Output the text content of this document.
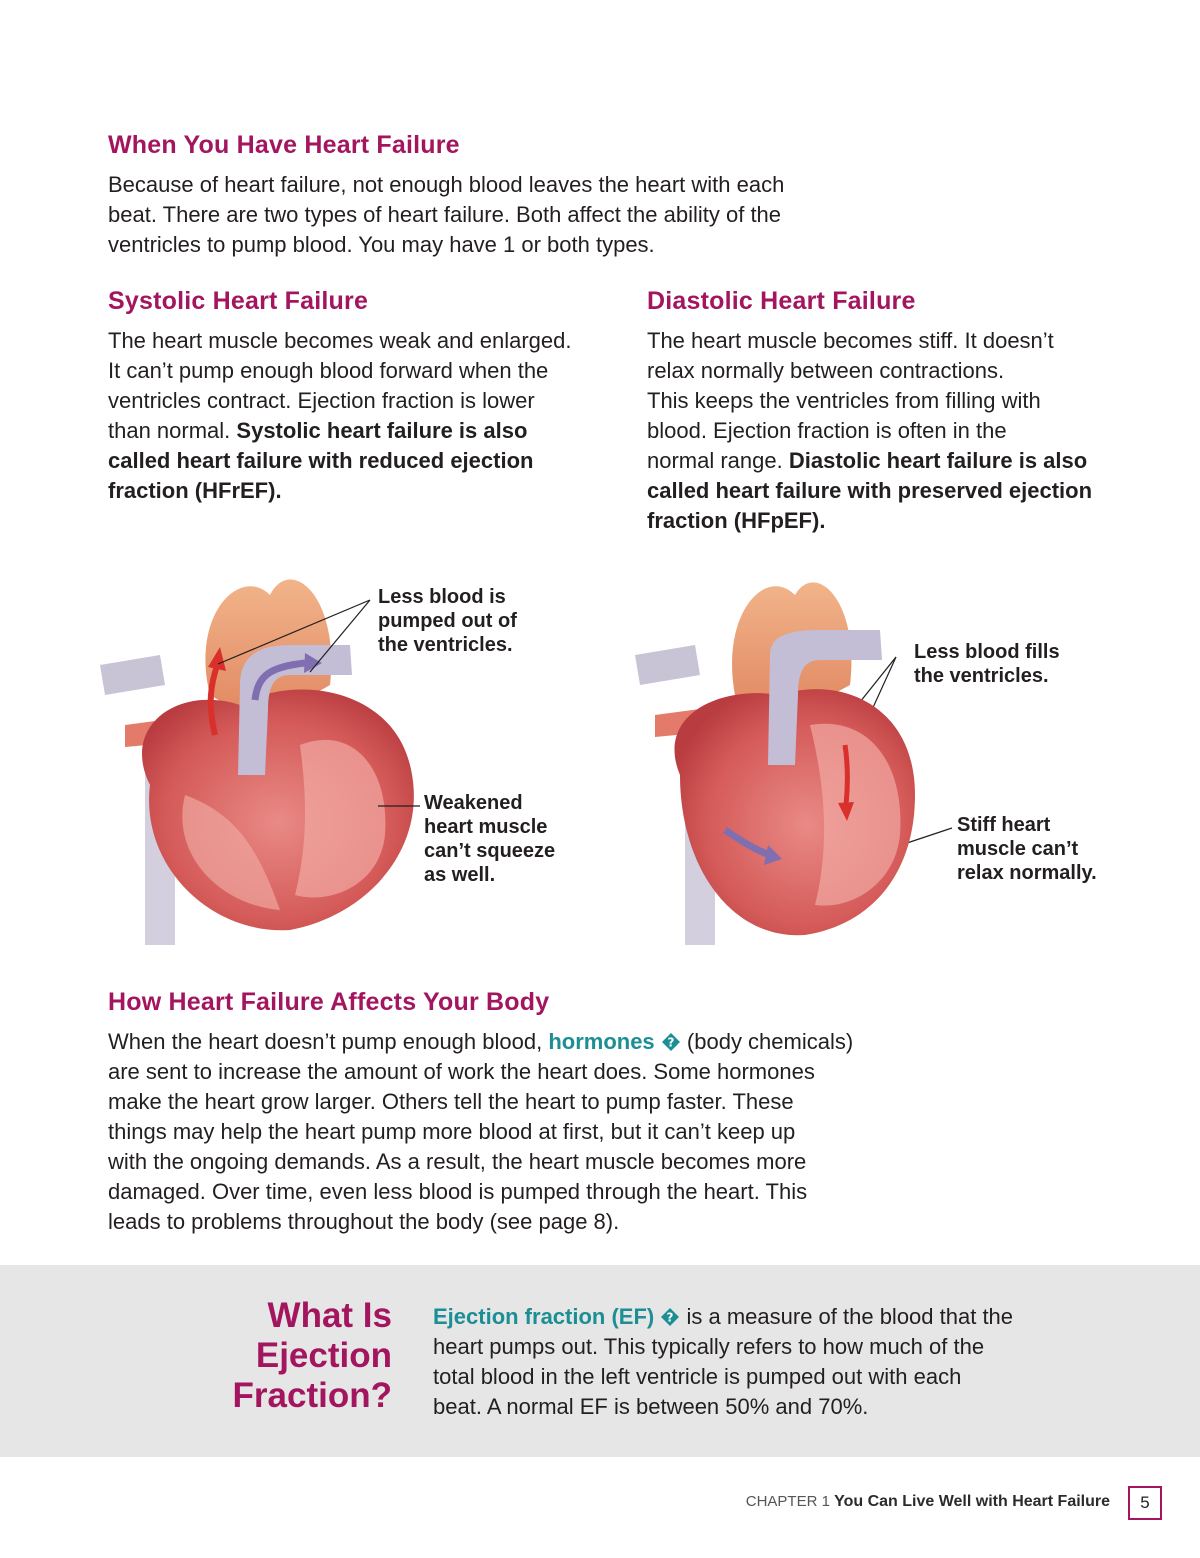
When You Have Heart Failure

Because of heart failure, not enough blood leaves the heart with each

beat. There are two types of heart failure. Both affect the ability of the

ventricles to pump blood. You may have 1 or both types.

Systolic Heart Failure

The heart muscle becomes weak and enlarged.

It can’t pump enough blood forward when the

ventricles contract. Ejection fraction is lower

than normal. Systolic heart failure is also

called heart failure with reduced ejection

fraction (HFrEF).

Diastolic Heart Failure

The heart muscle becomes stiff. It doesn’t

relax normally between contractions.

This keeps the ventricles from filling with

blood. Ejection fraction is often in the

normal range. Diastolic heart failure is also

called heart failure with preserved ejection

fraction (HFpEF).

Less blood is
pumped out of
the ventricles.
Weakened
heart muscle
can’t squeeze
as well.
Less blood fills
the ventricles.
Stiff heart
muscle can’t
relax normally.
How Heart Failure Affects Your Body

When the heart doesn’t pump enough blood, hormones ? (body chemicals)

are sent to increase the amount of work the heart does. Some hormones

make the heart grow larger. Others tell the heart to pump faster. These

things may help the heart pump more blood at first, but it can’t keep up

with the ongoing demands. As a result, the heart muscle becomes more

damaged. Over time, even less blood is pumped through the heart. This

leads to problems throughout the body (see page 8).

What Is
Ejection
Fraction?

Ejection fraction (EF) ? is a measure of the blood that the

heart pumps out. This typically refers to how much of the

total blood in the left ventricle is pumped out with each

beat. A normal EF is between 50% and 70%.

CHAPTER 1 You Can Live Well with Heart Failure	5
